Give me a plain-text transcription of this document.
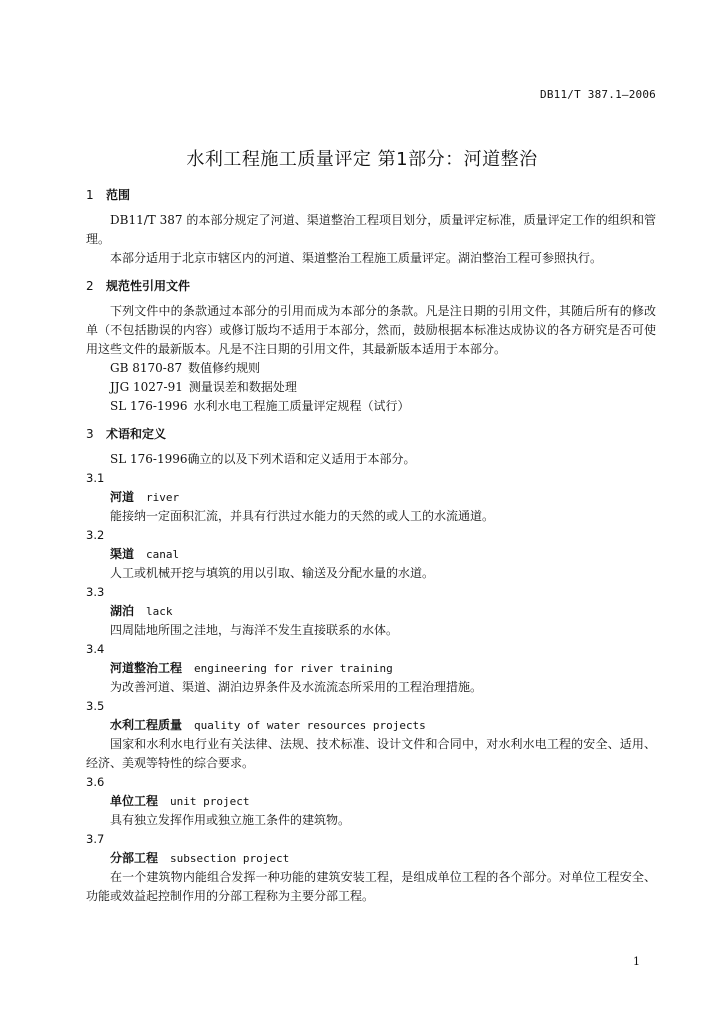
DB11/T 387.1—2006
水利工程施工质量评定 第1部分：河道整治
1 范围
DB11/T 387 的本部分规定了河道、渠道整治工程项目划分，质量评定标准，质量评定工作的组织和管理。
本部分适用于北京市辖区内的河道、渠道整治工程施工质量评定。湖泊整治工程可参照执行。
2 规范性引用文件
下列文件中的条款通过本部分的引用而成为本部分的条款。凡是注日期的引用文件，其随后所有的修改单（不包括勘误的内容）或修订版均不适用于本部分，然而，鼓励根据本标准达成协议的各方研究是否可使用这些文件的最新版本。凡是不注日期的引用文件，其最新版本适用于本部分。
GB 8170-87 数值修约规则
JJG 1027-91 测量误差和数据处理
SL 176-1996 水利水电工程施工质量评定规程（试行）
3 术语和定义
SL 176-1996确立的以及下列术语和定义适用于本部分。
3.1
河道 river
能接纳一定面积汇流，并具有行洪过水能力的天然的或人工的水流通道。
3.2
渠道 canal
人工或机械开挖与填筑的用以引取、输送及分配水量的水道。
3.3
湖泊 lack
四周陆地所围之洼地，与海洋不发生直接联系的水体。
3.4
河道整治工程 engineering for river training
为改善河道、渠道、湖泊边界条件及水流流态所采用的工程治理措施。
3.5
水利工程质量 quality of water resources projects
国家和水利水电行业有关法律、法规、技术标准、设计文件和合同中，对水利水电工程的安全、适用、经济、美观等特性的综合要求。
3.6
单位工程 unit project
具有独立发挥作用或独立施工条件的建筑物。
3.7
分部工程 subsection project
在一个建筑物内能组合发挥一种功能的建筑安装工程，是组成单位工程的各个部分。对单位工程安全、功能或效益起控制作用的分部工程称为主要分部工程。
1
